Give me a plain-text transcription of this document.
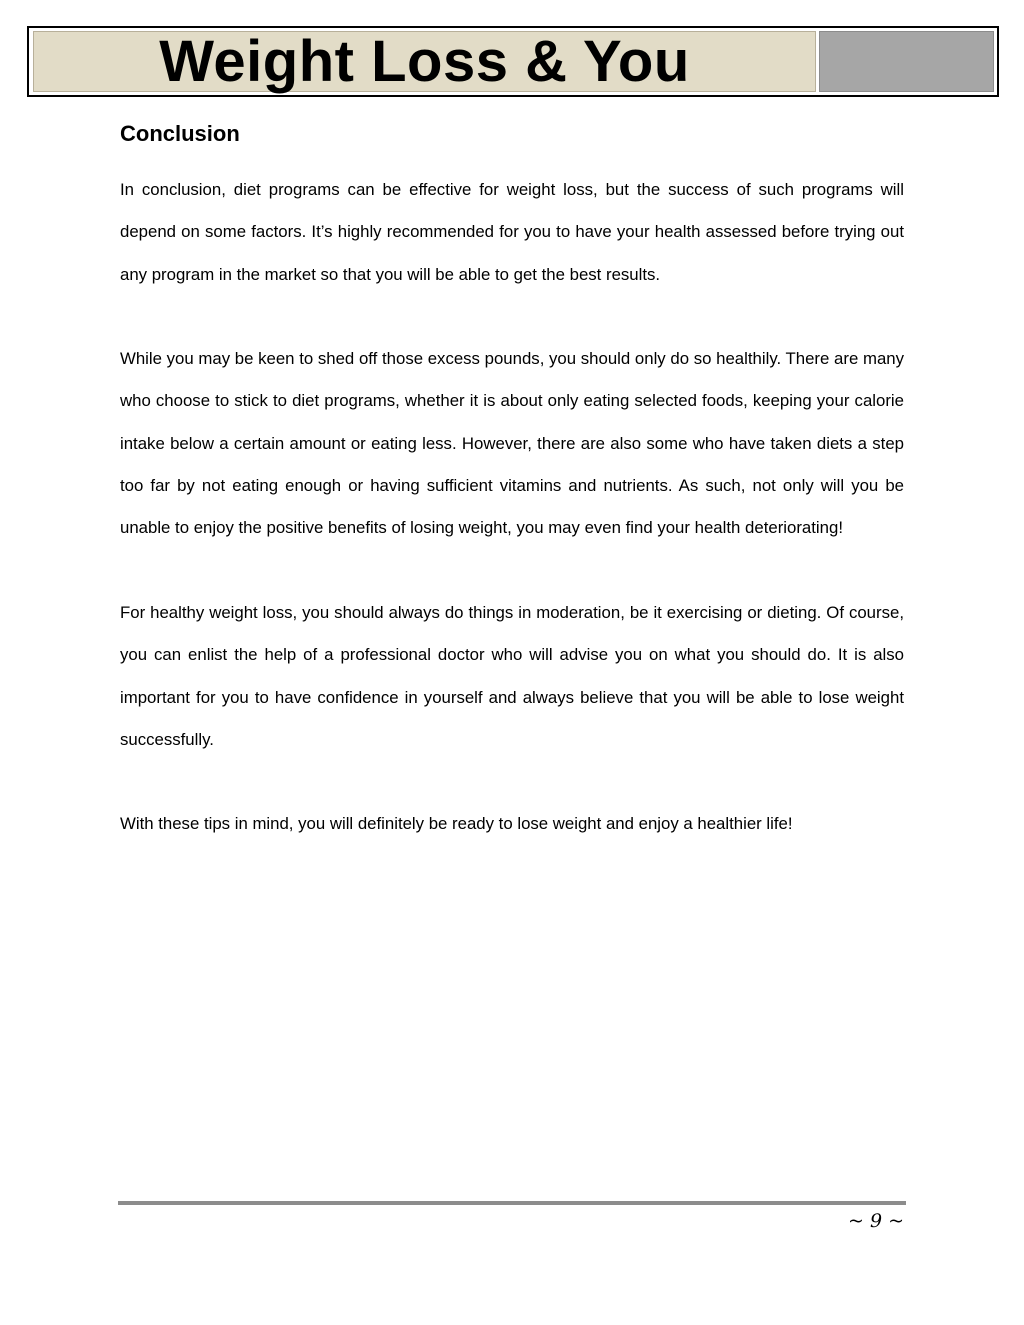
Weight Loss & You
Conclusion

In conclusion, diet programs can be effective for weight loss, but the success of such programs will depend on some factors. It’s highly recommended for you to have your health assessed before trying out any program in the market so that you will be able to get the best results.

While you may be keen to shed off those excess pounds, you should only do so healthily. There are many who choose to stick to diet programs, whether it is about only eating selected foods, keeping your calorie intake below a certain amount or eating less. However, there are also some who have taken diets a step too far by not eating enough or having sufficient vitamins and nutrients. As such, not only will you be unable to enjoy the positive benefits of losing weight, you may even find your health deteriorating!

For healthy weight loss, you should always do things in moderation, be it exercising or dieting. Of course, you can enlist the help of a professional doctor who will advise you on what you should do. It is also important for you to have confidence in yourself and always believe that you will be able to lose weight successfully.

With these tips in mind, you will definitely be ready to lose weight and enjoy a healthier life!

~ 9 ~
